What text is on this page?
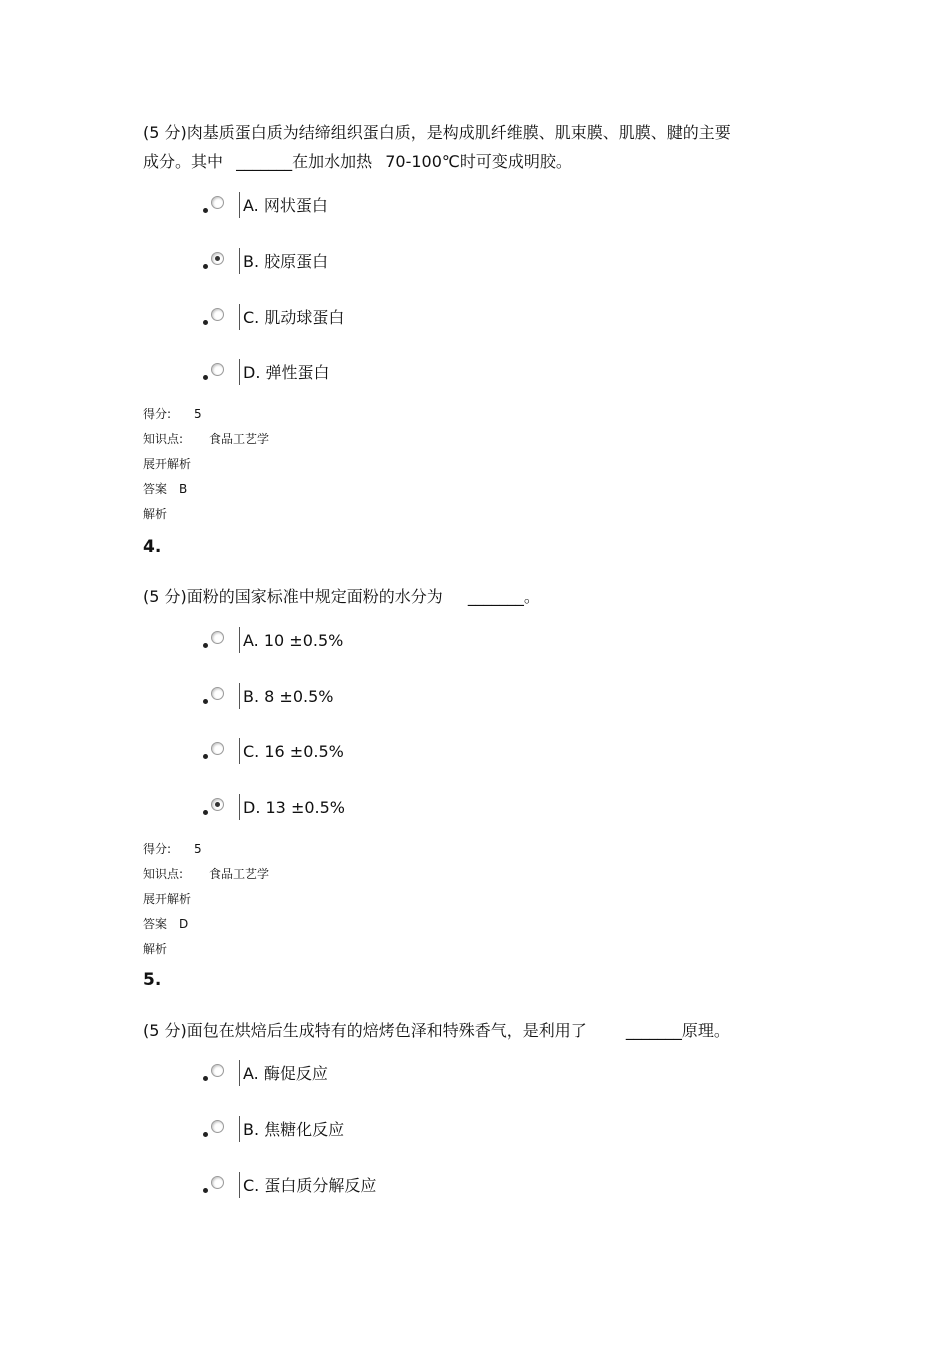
(5 分)肉基质蛋白质为结缔组织蛋白质，是构成肌纤维膜、肌束膜、肌膜、腱的主要
成分。其中 _______在加水加热 70-100℃时可变成明胶。
A. 网状蛋白
B. 胶原蛋白
C. 肌动球蛋白
D. 弹性蛋白
得分: 5
知识点: 食品工艺学
展开解析
答案 B
解析
4.
(5 分)面粉的国家标准中规定面粉的水分为 _______。
A. 10 ±0.5%
B. 8 ±0.5%
C. 16 ±0.5%
D. 13 ±0.5%
得分: 5
知识点: 食品工艺学
展开解析
答案 D
解析
5.
(5 分)面包在烘焙后生成特有的焙烤色泽和特殊香气，是利用了 _______原理。
A. 酶促反应
B. 焦糖化反应
C. 蛋白质分解反应
